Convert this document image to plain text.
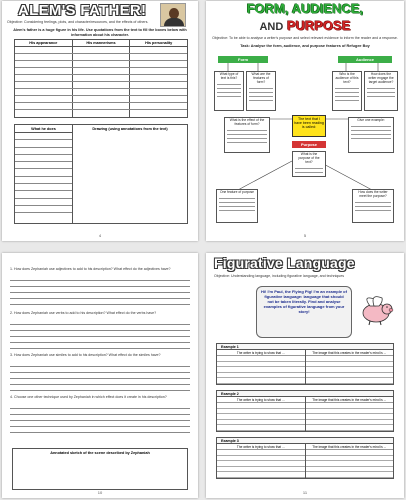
ALEM'S FATHER!
Objective: Considering feelings, plots, and character/resources, and the effects of others.
Alem's father is a huge figure in his life. Use quotations from the text to fill the boxes below with information about his character.
His appearance	His mannerisms	His personality
What he does	Drawing (using annotations from the text)
4
FORM, AUDIENCE,
AND PURPOSE
Objective: To be able to analyse a writer's purpose and select relevant evidence to inform the reader and a response.
Task: Analyse the form, audience, and purpose features of Refugee Boy
Form	Audience
What type of text is this?
What are the features of form?
Who is the audience of this text?
How does the writer engage the target audience?
What is the effect of the features of form?
The text that I have been reading is called:
Give one example:
Purpose
What is the purpose of the text?
One feature of purpose	How does the writer meet the purpose?
5
1. How does Zephaniah use adjectives to add to his description? What effect do the adjectives have?
2. How does Zephaniah use verbs to add to his description? What effect do the verbs have?
3. How does Zephaniah use similes to add to his description? What effect do the similes have?
4. Choose one other technique used by Zephaniah in which effect does it create in his description?
Annotated sketch of the scene described by Zephaniah
10
Figurative Language
Objective: Understanding language, including figurative language, and techniques
Hi! I'm Paul, the Flying Pig! I'm an example of figurative language: language that should not be taken literally. Find and analyse examples of figurative language from your story!
Example 1
The writer is trying to show that ...	The image that this creates in the reader's mind is ...
Example 2
The writer is trying to show that ...	The image that this creates in the reader's mind is ...
Example 3
The writer is trying to show that ...	The image that this creates in the reader's mind is ...
11
